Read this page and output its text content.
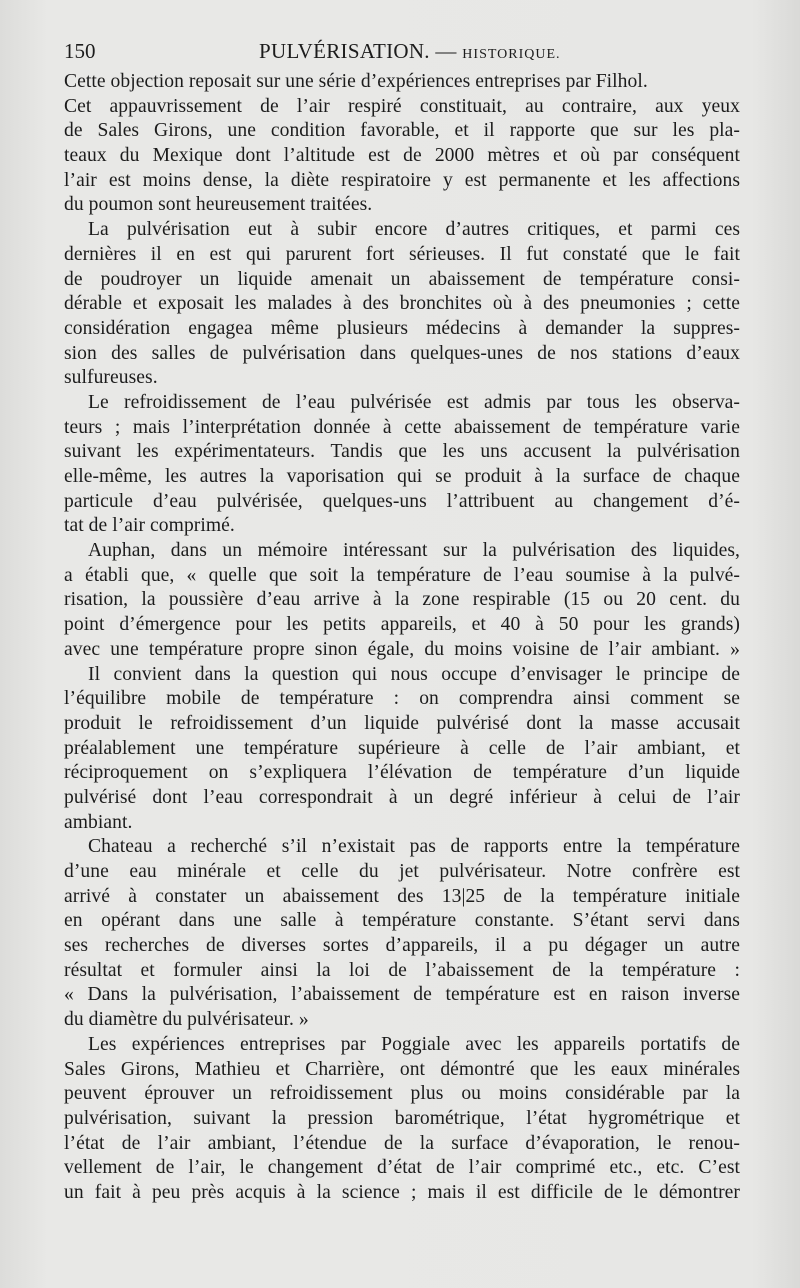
150	PULVÉRISATION. — HISTORIQUE.
Cette objection reposait sur une série d’expériences entreprises par Filhol.
Cet appauvrissement de l’air respiré constituait, au contraire, aux yeux
de Sales Girons, une condition favorable, et il rapporte que sur les pla-
teaux du Mexique dont l’altitude est de 2000 mètres et où par conséquent
l’air est moins dense, la diète respiratoire y est permanente et les affections
du poumon sont heureusement traitées.
La pulvérisation eut à subir encore d’autres critiques, et parmi ces
dernières il en est qui parurent fort sérieuses. Il fut constaté que le fait
de poudroyer un liquide amenait un abaissement de température consi-
dérable et exposait les malades à des bronchites où à des pneumonies ; cette
considération engagea même plusieurs médecins à demander la suppres-
sion des salles de pulvérisation dans quelques-unes de nos stations d’eaux
sulfureuses.
Le refroidissement de l’eau pulvérisée est admis par tous les observa-
teurs ; mais l’interprétation donnée à cette abaissement de température varie
suivant les expérimentateurs. Tandis que les uns accusent la pulvérisation
elle-même, les autres la vaporisation qui se produit à la surface de chaque
particule d’eau pulvérisée, quelques-uns l’attribuent au changement d’é-
tat de l’air comprimé.
Auphan, dans un mémoire intéressant sur la pulvérisation des liquides,
a établi que, « quelle que soit la température de l’eau soumise à la pulvé-
risation, la poussière d’eau arrive à la zone respirable (15 ou 20 cent. du
point d’émergence pour les petits appareils, et 40 à 50 pour les grands)
avec une température propre sinon égale, du moins voisine de l’air ambiant. »
Il convient dans la question qui nous occupe d’envisager le principe de
l’équilibre mobile de température : on comprendra ainsi comment se
produit le refroidissement d’un liquide pulvérisé dont la masse accusait
préalablement une température supérieure à celle de l’air ambiant, et
réciproquement on s’expliquera l’élévation de température d’un liquide
pulvérisé dont l’eau correspondrait à un degré inférieur à celui de l’air
ambiant.
Chateau a recherché s’il n’existait pas de rapports entre la température
d’une eau minérale et celle du jet pulvérisateur. Notre confrère est
arrivé à constater un abaissement des 13|25 de la température initiale
en opérant dans une salle à température constante. S’étant servi dans
ses recherches de diverses sortes d’appareils, il a pu dégager un autre
résultat et formuler ainsi la loi de l’abaissement de la température :
« Dans la pulvérisation, l’abaissement de température est en raison inverse
du diamètre du pulvérisateur. »
Les expériences entreprises par Poggiale avec les appareils portatifs de
Sales Girons, Mathieu et Charrière, ont démontré que les eaux minérales
peuvent éprouver un refroidissement plus ou moins considérable par la
pulvérisation, suivant la pression barométrique, l’état hygrométrique et
l’état de l’air ambiant, l’étendue de la surface d’évaporation, le renou-
vellement de l’air, le changement d’état de l’air comprimé etc., etc. C’est
un fait à peu près acquis à la science ; mais il est difficile de le démontrer
